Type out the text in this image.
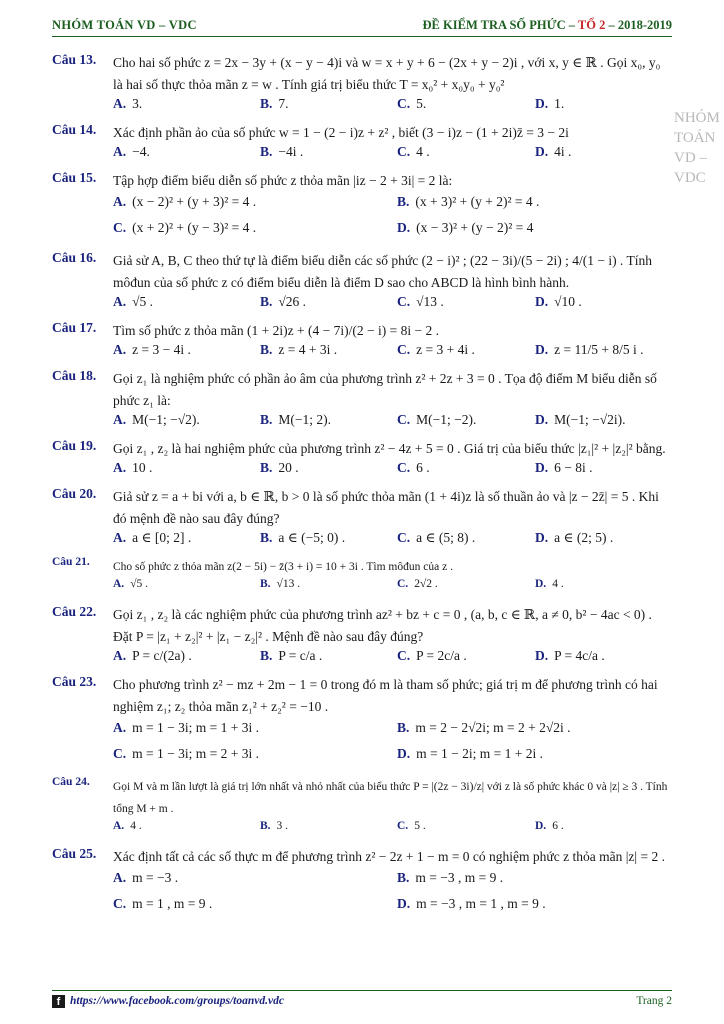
NHÓM TOÁN VD – VDC	ĐỀ KIỂM TRA SỐ PHỨC – TỔ 2 – 2018-2019
NHÓM TOÁN VD – VDC
Câu 13. Cho hai số phức z = 2x − 3y + (x − y − 4)i và w = x + y + 6 − (2x + y − 2)i , với x, y ∈ ℝ . Gọi x₀, y₀ là hai số thực thỏa mãn z = w . Tính giá trị biểu thức T = x₀² + x₀y₀ + y₀²
A. 3.	B. 7.	C. 5.	D. 1.
Câu 14. Xác định phần ảo của số phức w = 1 − (2 − i)z + z² , biết (3 − i)z − (1 + 2i)z̄ = 3 − 2i
A. −4.	B. −4i .	C. 4 .	D. 4i .
Câu 15. Tập hợp điểm biểu diễn số phức z thỏa mãn |iz − 2 + 3i| = 2 là:
A. (x − 2)² + (y + 3)² = 4 .	B. (x + 3)² + (y + 2)² = 4 .
C. (x + 2)² + (y − 3)² = 4 .	D. (x − 3)² + (y − 2)² = 4
Câu 16. Giả sử A, B, C theo thứ tự là điểm biểu diễn các số phức (2 − i)² ; (22 − 3i)/(5 − 2i) ; 4/(1 − i) . Tính môđun của số phức z có điểm biểu diễn là điểm D sao cho ABCD là hình bình hành.
A. √5 .	B. √26 .	C. √13 .	D. √10 .
Câu 17. Tìm số phức z thỏa mãn (1 + 2i)z + (4 − 7i)/(2 − i) = 8i − 2 .
A. z = 3 − 4i .	B. z = 4 + 3i .	C. z = 3 + 4i .	D. z = 11/5 + 8/5 i .
Câu 18. Gọi z₁ là nghiệm phức có phần ảo âm của phương trình z² + 2z + 3 = 0 . Tọa độ điểm M biểu diễn số phức z₁ là:
A. M(−1; −√2).	B. M(−1; 2).	C. M(−1; −2).	D. M(−1; −√2i).
Câu 19. Gọi z₁ , z₂ là hai nghiệm phức của phương trình z² − 4z + 5 = 0 . Giá trị của biểu thức |z₁|² + |z₂|² bằng.
A. 10 .	B. 20 .	C. 6 .	D. 6 − 8i .
Câu 20. Giả sử z = a + bi với a, b ∈ ℝ, b > 0 là số phức thỏa mãn (1 + 4i)z là số thuần ảo và |z − 2z̄| = 5 . Khi đó mệnh đề nào sau đây đúng?
A. a ∈ [0; 2] .	B. a ∈ (−5; 0) .	C. a ∈ (5; 8) .	D. a ∈ (2; 5) .
Câu 21. Cho số phức z thỏa mãn z(2 − 5i) − z̄(3 + i) = 10 + 3i . Tìm môđun của z .
A. √5 .	B. √13 .	C. 2√2 .	D. 4 .
Câu 22. Gọi z₁ , z₂ là các nghiệm phức của phương trình az² + bz + c = 0 , (a, b, c ∈ ℝ, a ≠ 0, b² − 4ac < 0) . Đặt P = |z₁ + z₂|² + |z₁ − z₂|² . Mệnh đề nào sau đây đúng?
A. P = c/(2a) .	B. P = c/a .	C. P = 2c/a .	D. P = 4c/a .
Câu 23. Cho phương trình z² − mz + 2m − 1 = 0 trong đó m là tham số phức; giá trị m để phương trình có hai nghiệm z₁; z₂ thỏa mãn z₁² + z₂² = −10 .
A. m = 1 − 3i; m = 1 + 3i .	B. m = 2 − 2√2i; m = 2 + 2√2i .
C. m = 1 − 3i; m = 2 + 3i .	D. m = 1 − 2i; m = 1 + 2i .
Câu 24. Gọi M và m lần lượt là giá trị lớn nhất và nhỏ nhất của biểu thức P = |(2z − 3i)/z| với z là số phức khác 0 và |z| ≥ 3 . Tính tổng M + m .
A. 4 .	B. 3 .	C. 5 .	D. 6 .
Câu 25. Xác định tất cả các số thực m để phương trình z² − 2z + 1 − m = 0 có nghiệm phức z thỏa mãn |z| = 2 .
A. m = −3 .	B. m = −3 , m = 9 .
C. m = 1 , m = 9 .	D. m = −3 , m = 1 , m = 9 .
f https://www.facebook.com/groups/toanvd.vdc	Trang 2
